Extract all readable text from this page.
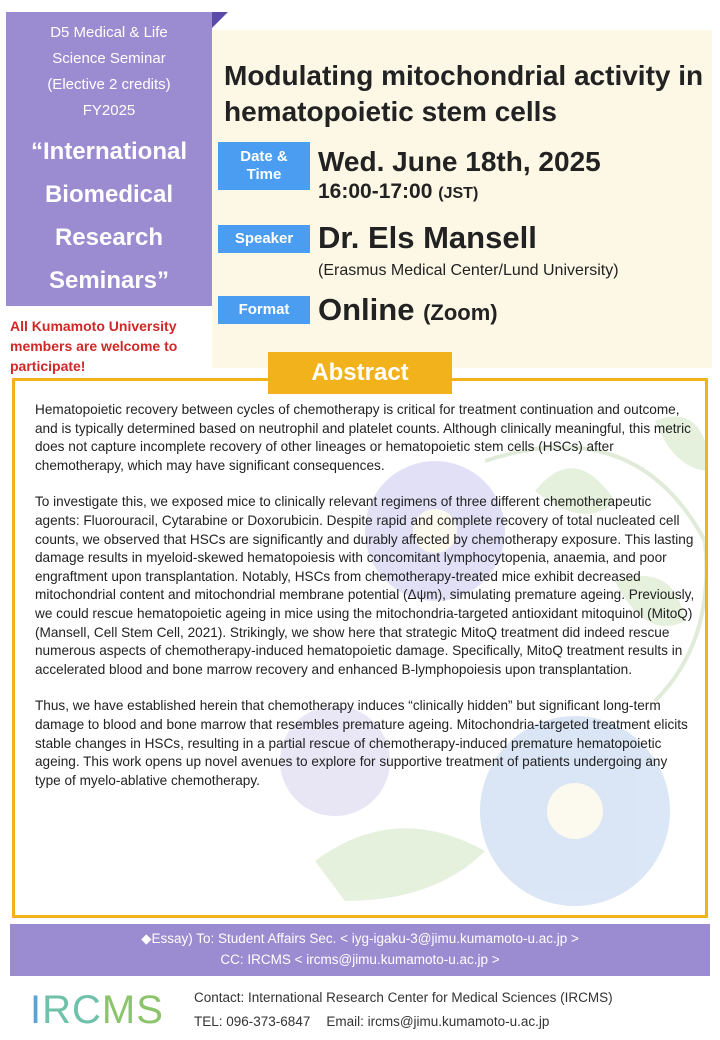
D5 Medical & Life
Science Seminar
(Elective 2 credits)
FY2025
“International
Biomedical
Research
Seminars”
All Kumamoto University members are welcome to participate!
Modulating mitochondrial activity in hematopoietic stem cells
Date &
Time Wed. June 18th, 2025
16:00-17:00 (JST)
Speaker Dr. Els Mansell
(Erasmus Medical Center/Lund University)
Format Online (Zoom)
Abstract

Hematopoietic recovery between cycles of chemotherapy is critical for treatment continuation and outcome, and is typically determined based on neutrophil and platelet counts. Although clinically meaningful, this metric does not capture incomplete recovery of other lineages or hematopoietic stem cells (HSCs) after chemotherapy, which may have significant consequences.

To investigate this, we exposed mice to clinically relevant regimens of three different chemotherapeutic agents: Fluorouracil, Cytarabine or Doxorubicin. Despite rapid and complete recovery of total nucleated cell counts, we observed that HSCs are significantly and durably affected by chemotherapy exposure. This lasting damage results in myeloid-skewed hematopoiesis with concomitant lymphocytopenia, anaemia, and poor engraftment upon transplantation. Notably, HSCs from chemotherapy-treated mice exhibit decreased mitochondrial content and mitochondrial membrane potential (Δψm), simulating premature ageing. Previously, we could rescue hematopoietic ageing in mice using the mitochondria-targeted antioxidant mitoquinol (MitoQ) (Mansell, Cell Stem Cell, 2021). Strikingly, we show here that strategic MitoQ treatment did indeed rescue numerous aspects of chemotherapy-induced hematopoietic damage. Specifically, MitoQ treatment results in accelerated blood and bone marrow recovery and enhanced B-lymphopoiesis upon transplantation.

Thus, we have established herein that chemotherapy induces “clinically hidden” but significant long-term damage to blood and bone marrow that resembles premature ageing. Mitochondria-targeted treatment elicits stable changes in HSCs, resulting in a partial rescue of chemotherapy-induced premature hematopoietic ageing. This work opens up novel avenues to explore for supportive treatment of patients undergoing any type of myelo-ablative chemotherapy.

◆Essay) To: Student Affairs Sec. < iyg-igaku-3@jimu.kumamoto-u.ac.jp >
CC: IRCMS < ircms@jimu.kumamoto-u.ac.jp >
IRCMS Contact: International Research Center for Medical Sciences (IRCMS)
TEL: 096-373-6847 Email: ircms@jimu.kumamoto-u.ac.jp
